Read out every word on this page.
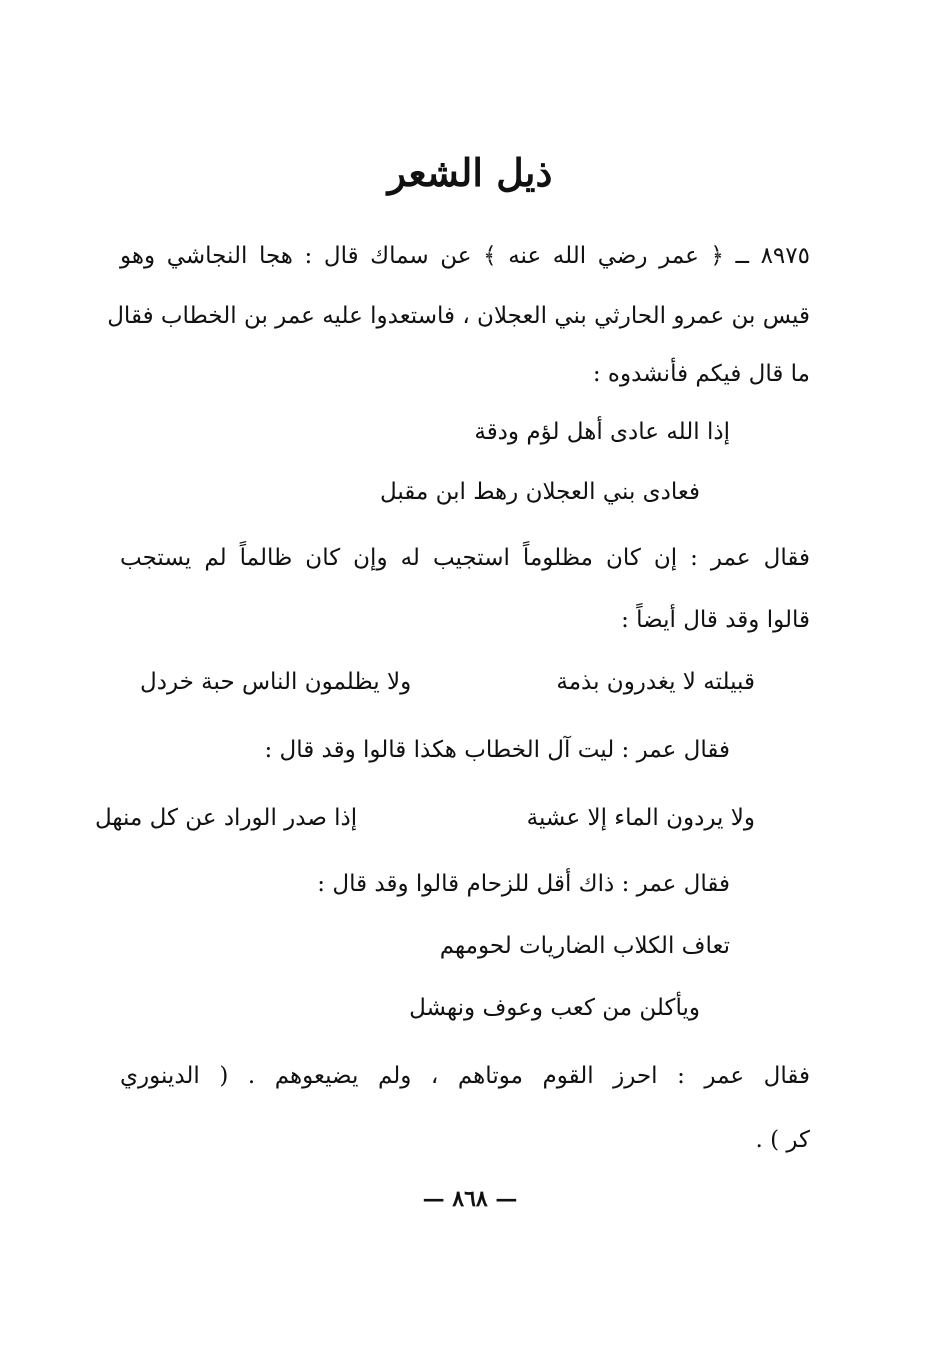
ذيل الشعر
٨٩٧٥ ــ ﴿ عمر رضي الله عنه ﴾ عن سماك قال : هجا النجاشي وهو
قيس بن عمرو الحارثي بني العجلان ، فاستعدوا عليه عمر بن الخطاب فقال
ما قال فيكم فأنشدوه :
إذا الله عادى أهل لؤم ودقة
فعادى بني العجلان رهط ابن مقبل
فقال عمر : إن كان مظلوماً استجيب له وإن كان ظالماً لم يستجب
قالوا وقد قال أيضاً :
قبيلته لا يغدرون بذمة
ولا يظلمون الناس حبة خردل
فقال عمر : ليت آل الخطاب هكذا قالوا وقد قال :
ولا يردون الماء إلا عشية
إذا صدر الوراد عن كل منهل
فقال عمر : ذاك أقل للزحام قالوا وقد قال :
تعاف الكلاب الضاريات لحومهم
ويأكلن من كعب وعوف ونهشل
فقال عمر : احرز القوم موتاهم ، ولم يضيعوهم . ( الدينوري
كر ) .
— ٨٦٨ —
